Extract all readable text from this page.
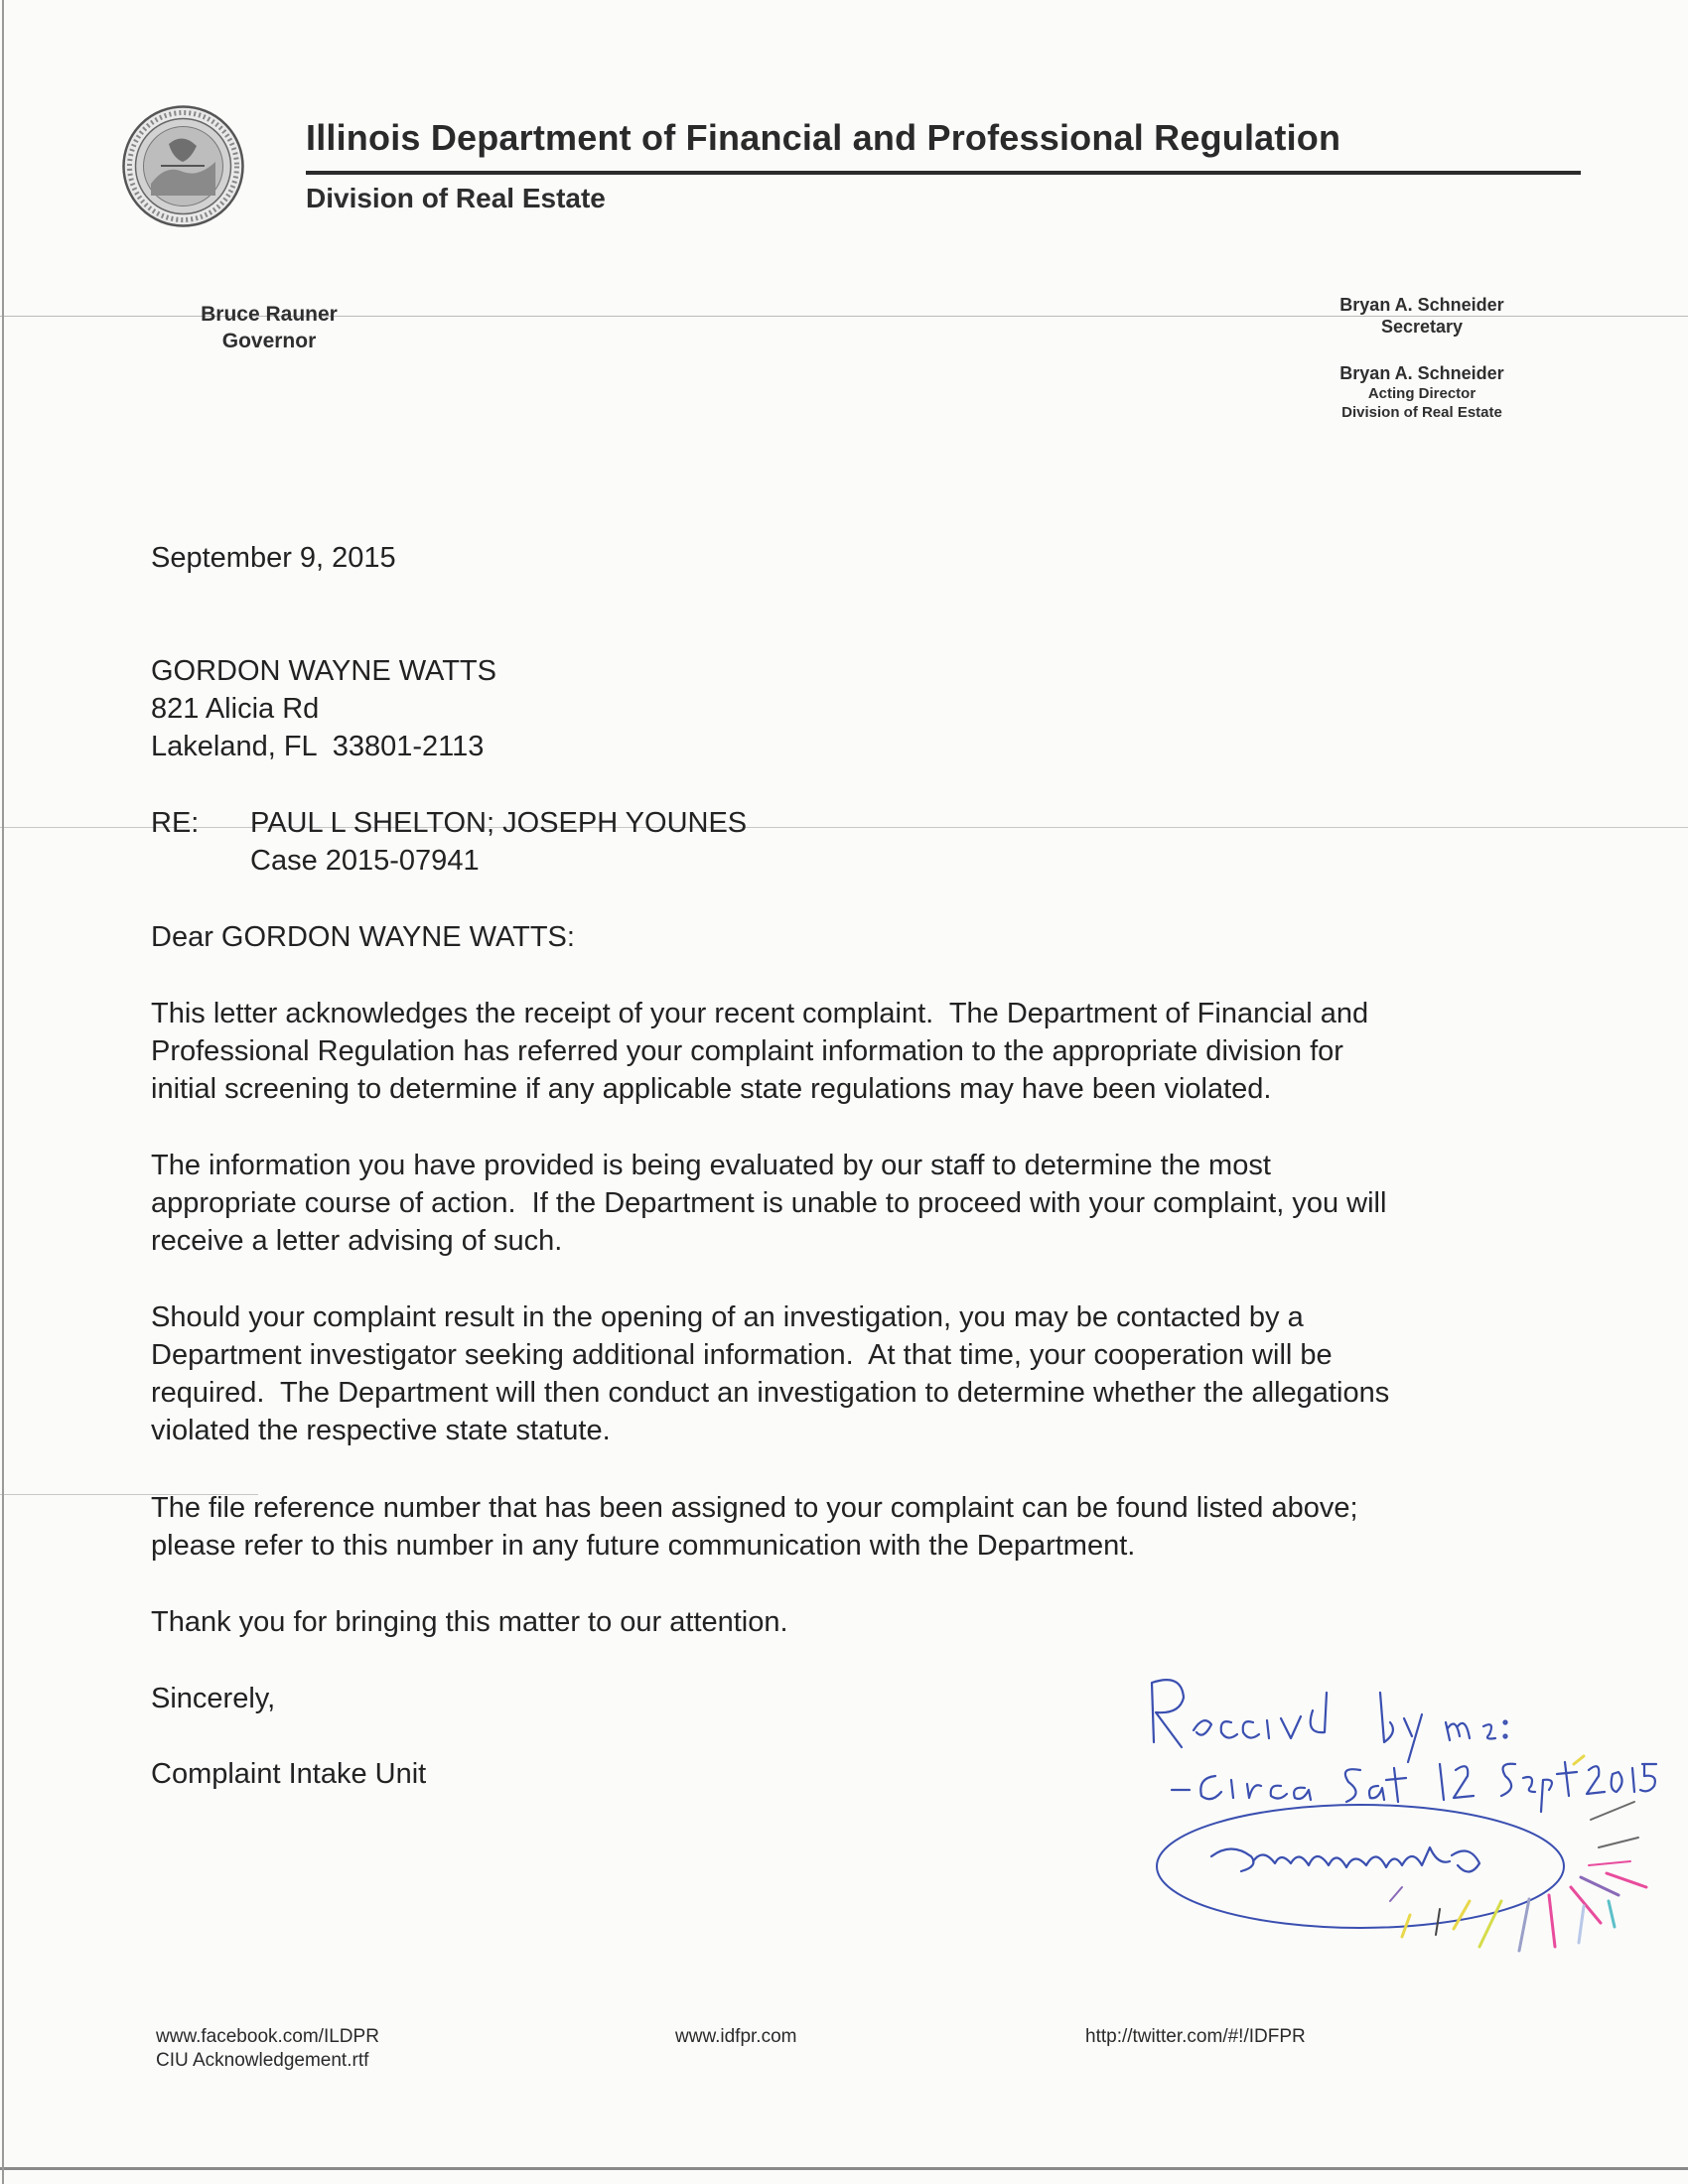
Illinois Department of Financial and Professional Regulation
Division of Real Estate
Bruce Rauner
Governor
Bryan A. Schneider
Secretary
Bryan A. Schneider
Acting Director
Division of Real Estate
September 9, 2015
GORDON WAYNE WATTS
821 Alicia Rd
Lakeland, FL  33801-2113
RE: PAUL L SHELTON; JOSEPH YOUNES
Case 2015-07941
Dear GORDON WAYNE WATTS:
This letter acknowledges the receipt of your recent complaint.  The Department of Financial and
Professional Regulation has referred your complaint information to the appropriate division for
initial screening to determine if any applicable state regulations may have been violated.
The information you have provided is being evaluated by our staff to determine the most
appropriate course of action.  If the Department is unable to proceed with your complaint, you will
receive a letter advising of such.
Should your complaint result in the opening of an investigation, you may be contacted by a
Department investigator seeking additional information.  At that time, your cooperation will be
required.  The Department will then conduct an investigation to determine whether the allegations
violated the respective state statute.
The file reference number that has been assigned to your complaint can be found listed above;
please refer to this number in any future communication with the Department.
Thank you for bringing this matter to our attention.
Sincerely,
Complaint Intake Unit
www.facebook.com/ILDPR
CIU Acknowledgement.rtf
www.idfpr.com	http://twitter.com/#!/IDFPR
